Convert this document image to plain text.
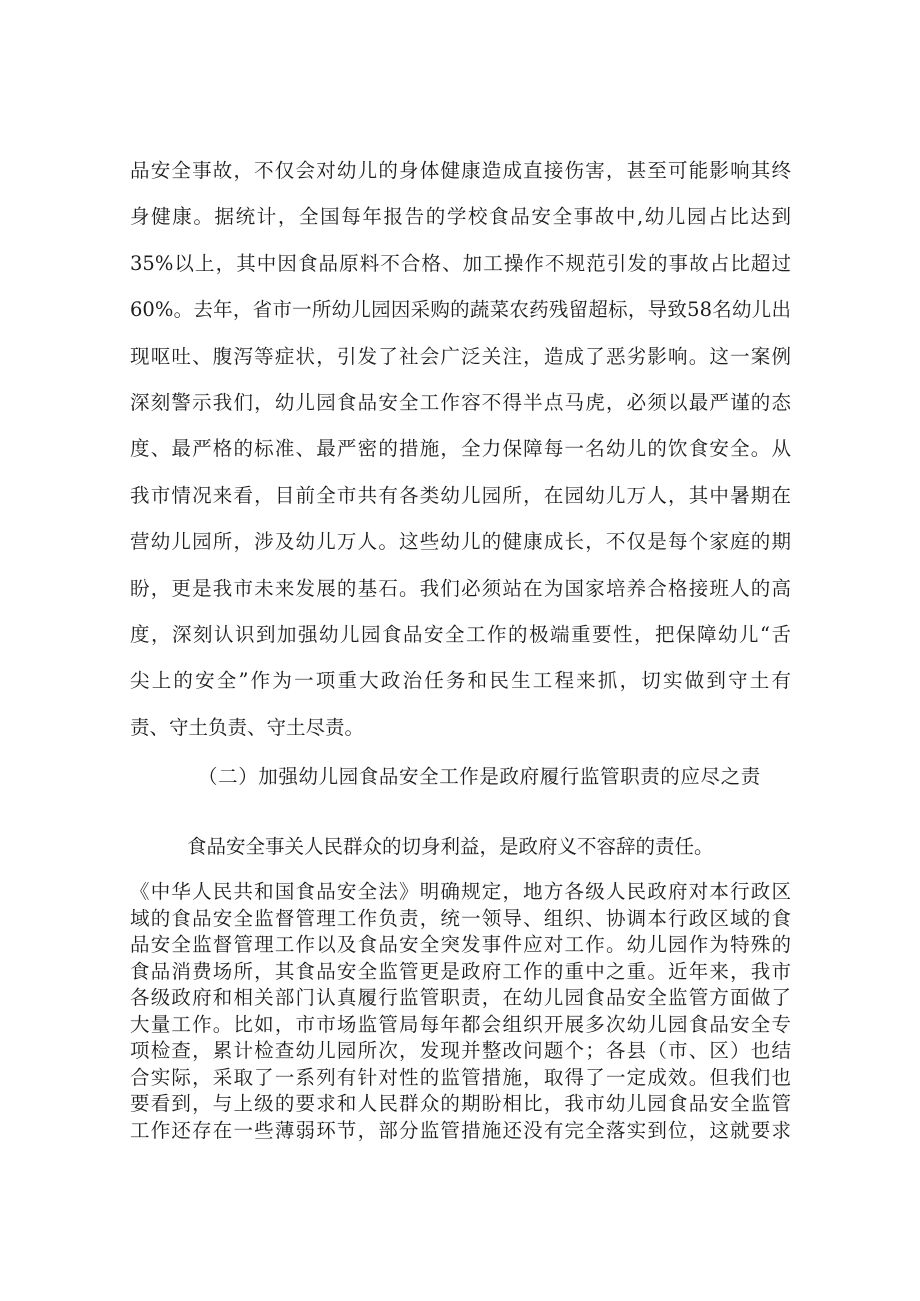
品安全事故，不仅会对幼儿的身体健康造成直接伤害，甚至可能影响其终
身健康。据统计，全国每年报告的学校食品安全事故中,幼儿园占比达到
35%以上，其中因食品原料不合格、加工操作不规范引发的事故占比超过
60%。去年，省市一所幼儿园因采购的蔬菜农药残留超标，导致58名幼儿出
现呕吐、腹泻等症状，引发了社会广泛关注，造成了恶劣影响。这一案例
深刻警示我们，幼儿园食品安全工作容不得半点马虎，必须以最严谨的态
度、最严格的标准、最严密的措施，全力保障每一名幼儿的饮食安全。从
我市情况来看，目前全市共有各类幼儿园所，在园幼儿万人，其中暑期在
营幼儿园所，涉及幼儿万人。这些幼儿的健康成长，不仅是每个家庭的期
盼，更是我市未来发展的基石。我们必须站在为国家培养合格接班人的高
度，深刻认识到加强幼儿园食品安全工作的极端重要性，把保障幼儿“舌
尖上的安全”作为一项重大政治任务和民生工程来抓，切实做到守土有
责、守土负责、守土尽责。
（二）加强幼儿园食品安全工作是政府履行监管职责的应尽之责
食品安全事关人民群众的切身利益，是政府义不容辞的责任。
《中华人民共和国食品安全法》明确规定，地方各级人民政府对本行政区
域的食品安全监督管理工作负责，统一领导、组织、协调本行政区域的食
品安全监督管理工作以及食品安全突发事件应对工作。幼儿园作为特殊的
食品消费场所，其食品安全监管更是政府工作的重中之重。近年来，我市
各级政府和相关部门认真履行监管职责，在幼儿园食品安全监管方面做了
大量工作。比如，市市场监管局每年都会组织开展多次幼儿园食品安全专
项检查，累计检查幼儿园所次，发现并整改问题个；各县（市、区）也结
合实际，采取了一系列有针对性的监管措施，取得了一定成效。但我们也
要看到，与上级的要求和人民群众的期盼相比，我市幼儿园食品安全监管
工作还存在一些薄弱环节，部分监管措施还没有完全落实到位，这就要求
